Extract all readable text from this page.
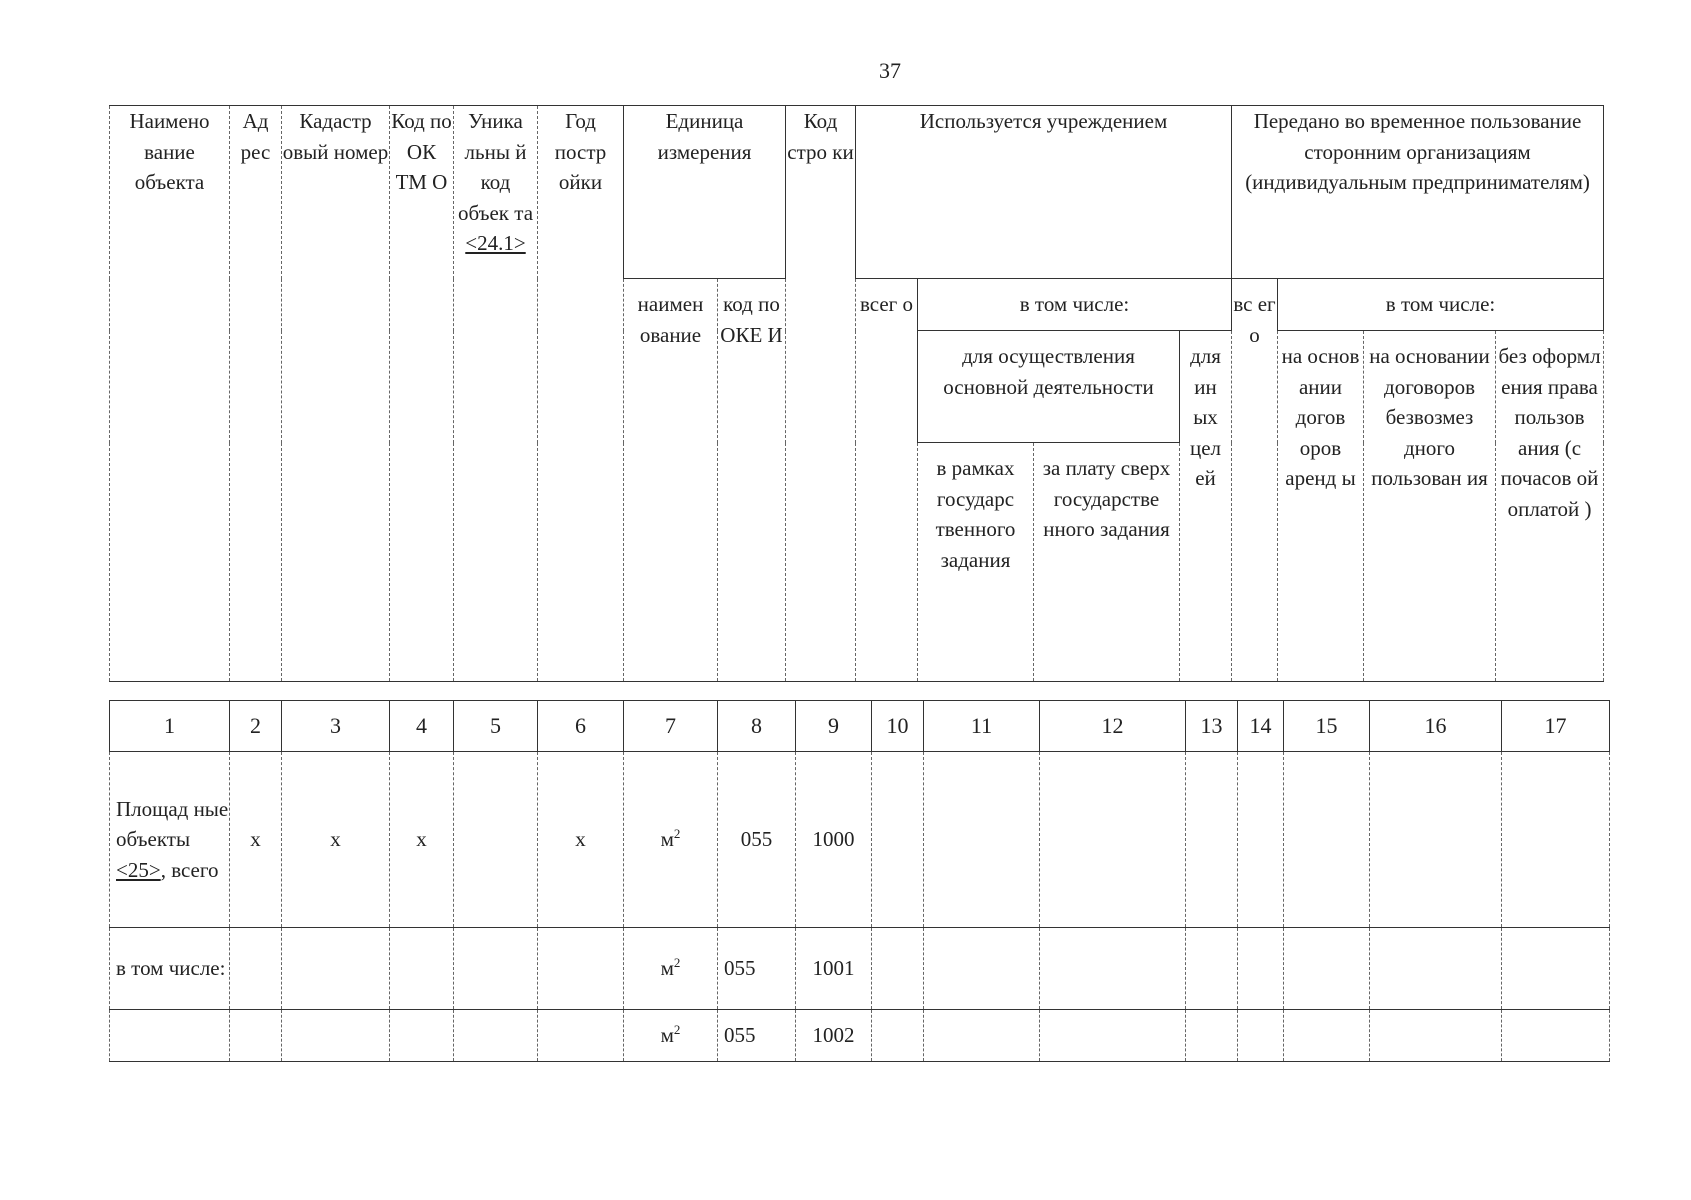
37
Наимено вание объекта	Ад рес	Кадастр овый номер	Код по ОК ТМ О	Уника льны й код объек та <24.1>	Год постр ойки	Единица измерения		Код стро ки	Используется учреждением				Передано во временное пользование сторонним организациям (индивидуальным предпринимателям)			
						наимен ование	код по ОКЕ И		всег о	в том числе:			вс ег о	в том числе:		
										для осуществления основной деятельности		для ин ых цел ей		на основ ании догов оров аренд ы	на основании договоров безвозмез дного пользован ия	без оформл ения права пользов ания (с почасов ой оплатой )
										в рамках государс твенного задания	за плату сверх государстве нного задания					
1	2	3	4	5	6	7	8	9	10	11	12	13	14	15	16	17
Площад ные объекты <25>, всего	x	x	x		x	$м^2$	055	1000								
в том числе:						$м^2$	055	1001								
						$м^2$	055	1002								
